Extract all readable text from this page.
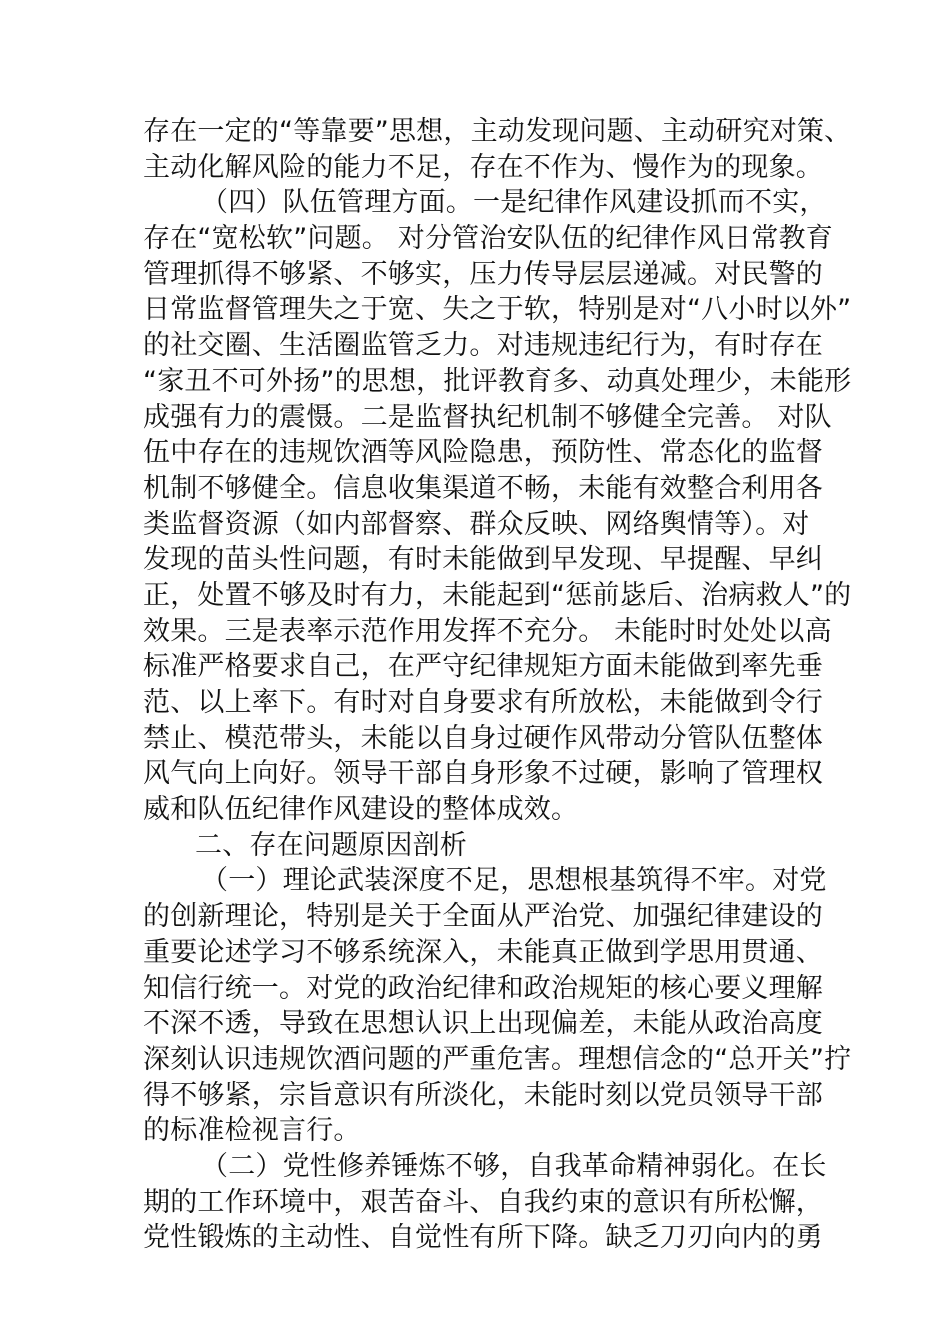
存在一定的“等靠要”思想，主动发现问题、主动研究对策、
主动化解风险的能力不足，存在不作为、慢作为的现象。
（四）队伍管理方面。一是纪律作风建设抓而不实，
存在“宽松软”问题。 对分管治安队伍的纪律作风日常教育
管理抓得不够紧、不够实，压力传导层层递减。对民警的
日常监督管理失之于宽、失之于软，特别是对“八小时以外”
的社交圈、生活圈监管乏力。对违规违纪行为，有时存在
“家丑不可外扬”的思想，批评教育多、动真处理少，未能形
成强有力的震慑。二是监督执纪机制不够健全完善。 对队
伍中存在的违规饮酒等风险隐患，预防性、常态化的监督
机制不够健全。信息收集渠道不畅，未能有效整合利用各
类监督资源（如内部督察、群众反映、网络舆情等）。对
发现的苗头性问题，有时未能做到早发现、早提醒、早纠
正，处置不够及时有力，未能起到“惩前毖后、治病救人”的
效果。三是表率示范作用发挥不充分。 未能时时处处以高
标准严格要求自己，在严守纪律规矩方面未能做到率先垂
范、以上率下。有时对自身要求有所放松，未能做到令行
禁止、模范带头，未能以自身过硬作风带动分管队伍整体
风气向上向好。领导干部自身形象不过硬，影响了管理权
威和队伍纪律作风建设的整体成效。
二、存在问题原因剖析
（一）理论武装深度不足，思想根基筑得不牢。对党
的创新理论，特别是关于全面从严治党、加强纪律建设的
重要论述学习不够系统深入，未能真正做到学思用贯通、
知信行统一。对党的政治纪律和政治规矩的核心要义理解
不深不透，导致在思想认识上出现偏差，未能从政治高度
深刻认识违规饮酒问题的严重危害。理想信念的“总开关”拧
得不够紧，宗旨意识有所淡化，未能时刻以党员领导干部
的标准检视言行。
（二）党性修养锤炼不够，自我革命精神弱化。在长
期的工作环境中，艰苦奋斗、自我约束的意识有所松懈，
党性锻炼的主动性、自觉性有所下降。缺乏刀刃向内的勇
